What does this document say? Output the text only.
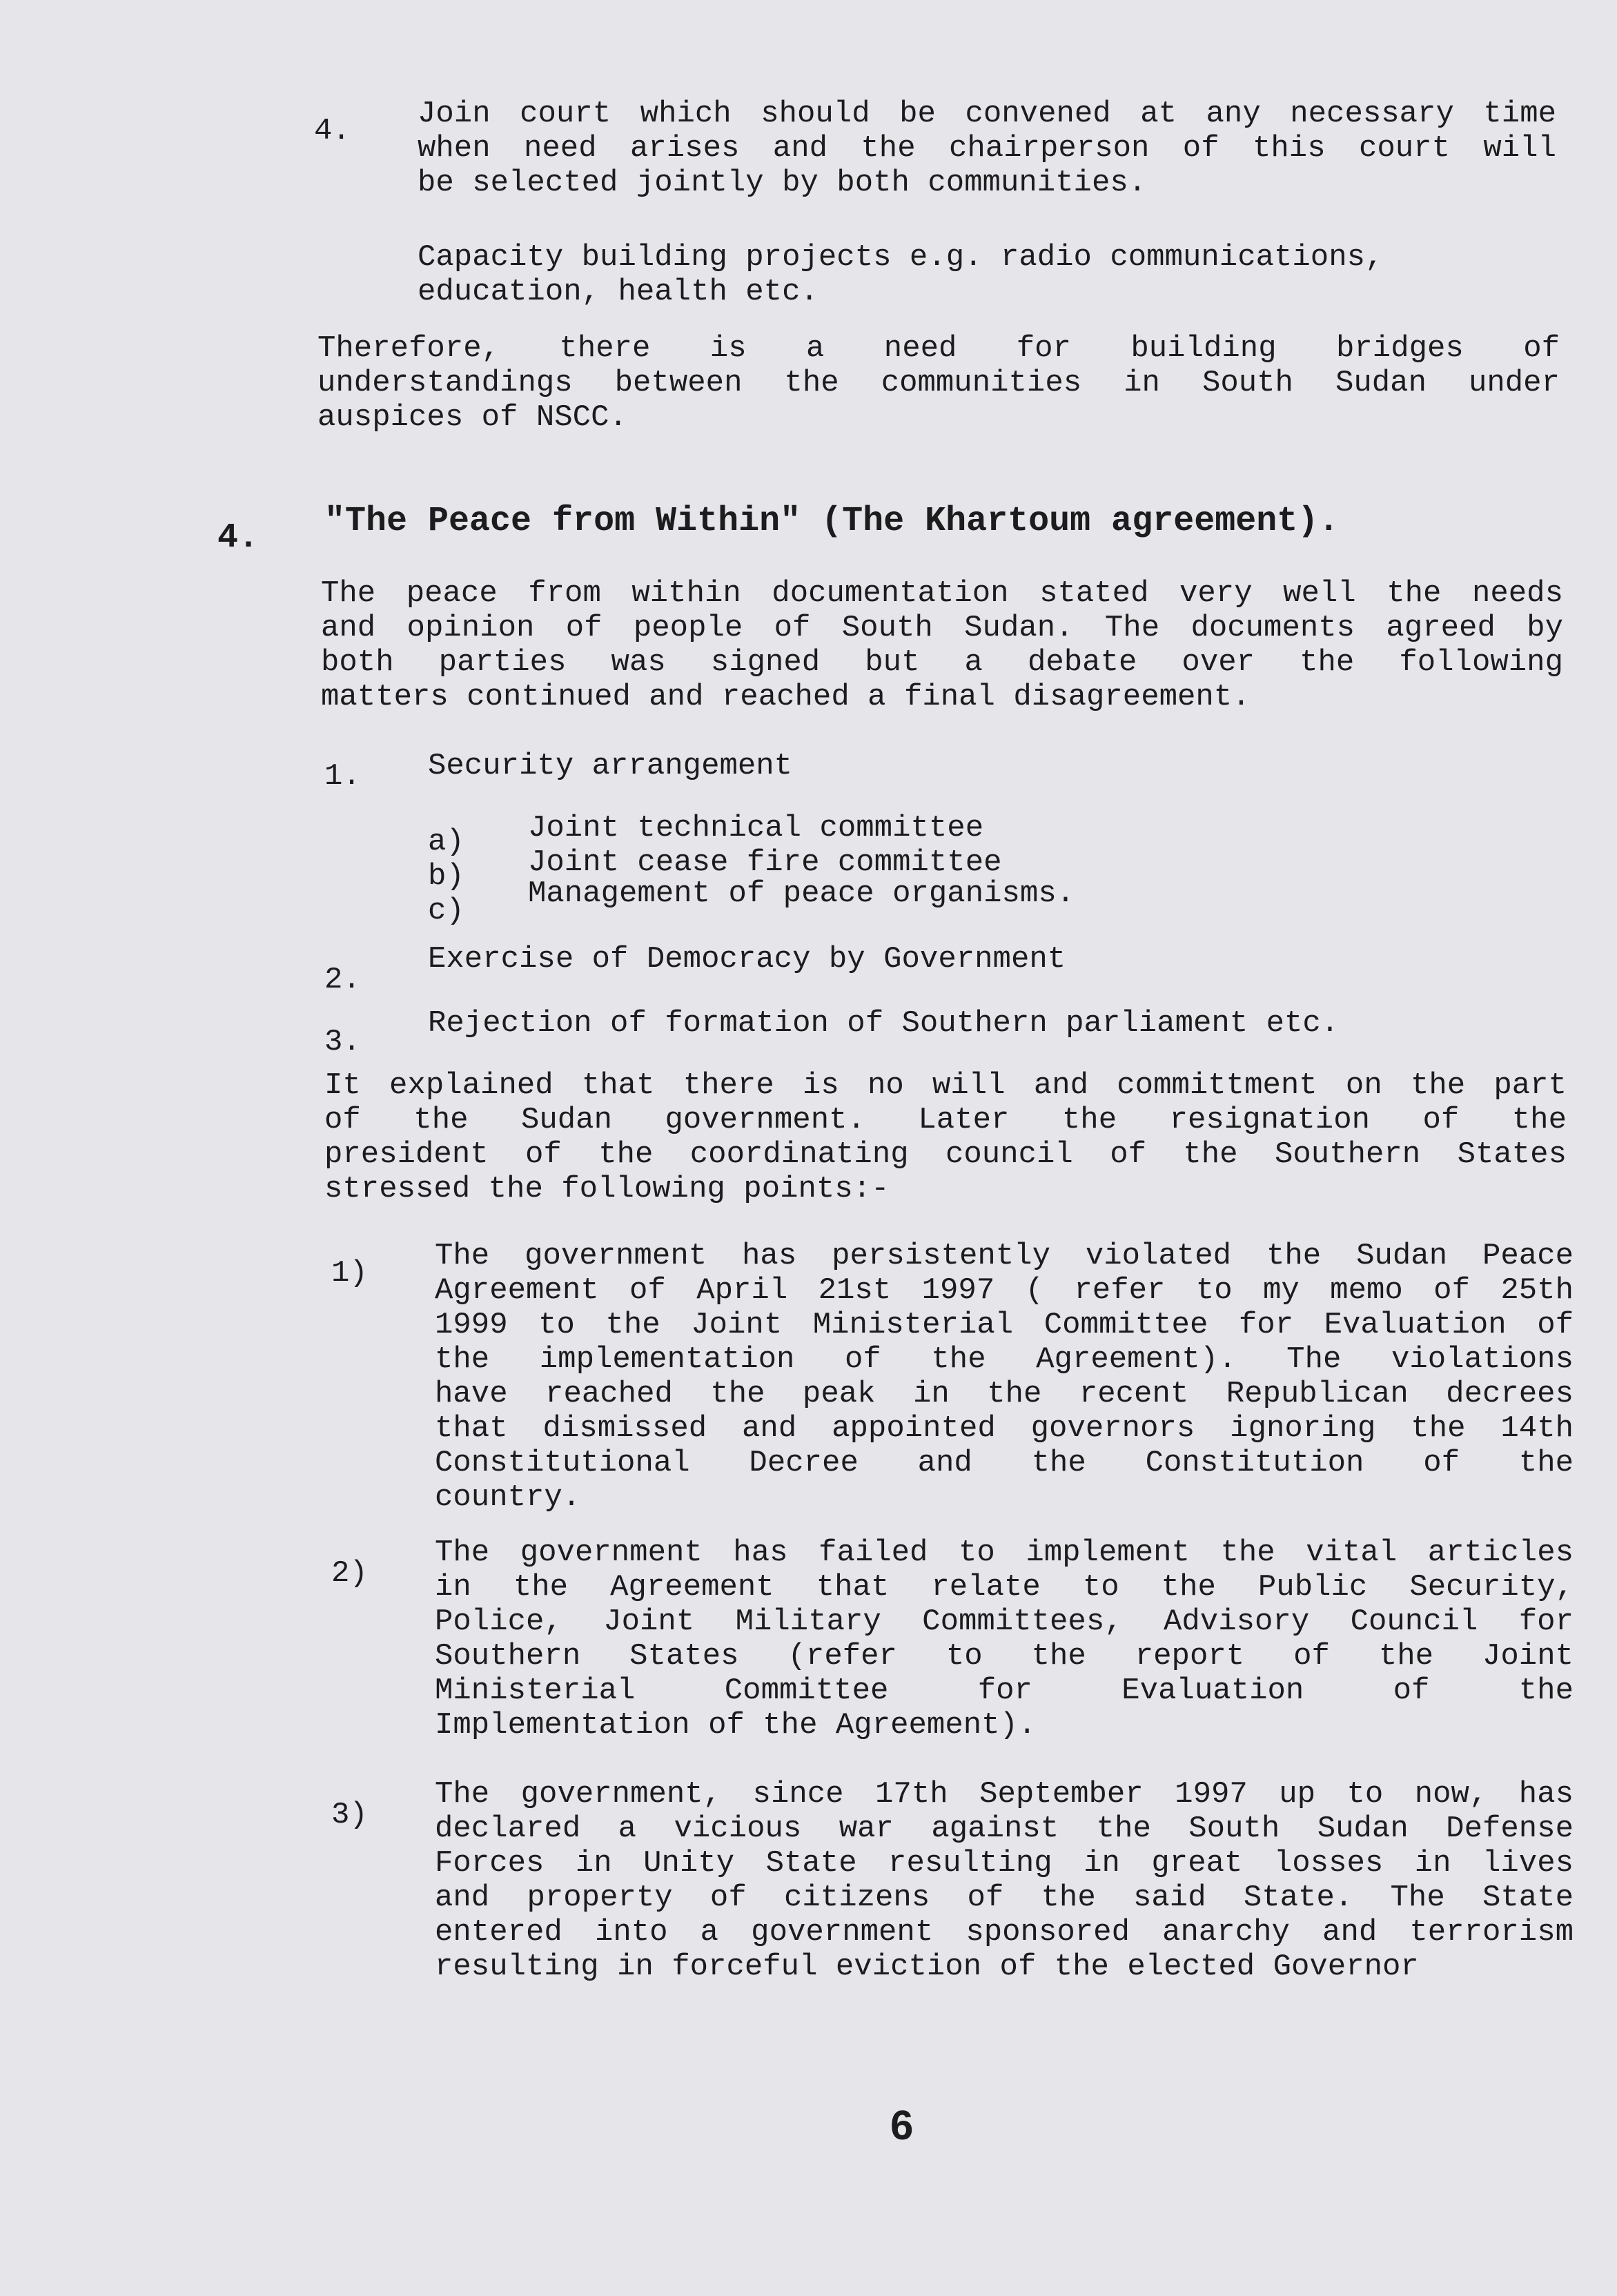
4. Join court which should be convened at any necessary time
when need arises and the chairperson of this court will
be selected jointly by both communities.
Capacity building projects e.g. radio communications,
education, health etc.
Therefore, there is a need for building bridges of
understandings between the communities in South Sudan under
auspices of NSCC.
4. "The Peace from Within" (The Khartoum agreement).
The peace from within documentation stated very well the needs
and opinion of people of South Sudan. The documents agreed by
both parties was signed but a debate over the following
matters continued and reached a final disagreement.
1. Security arrangement
a) Joint technical committee
b) Joint cease fire committee
c) Management of peace organisms.
2.
Exercise of Democracy by Government
3.
Rejection of formation of Southern parliament etc.
It explained that there is no will and committment on the part
of the Sudan government. Later the resignation of the
president of the coordinating council of the Southern States
stressed the following points:-
1) The government has persistently violated the Sudan Peace
Agreement of April 21st 1997 ( refer to my memo of 25th
1999 to the Joint Ministerial Committee for Evaluation of
the implementation of the Agreement). The violations
have reached the peak in the recent Republican decrees
that dismissed and appointed governors ignoring the 14th
Constitutional Decree and the Constitution of the
country.
2)
The government has failed to implement the vital articles
in the Agreement that relate to the Public Security,
Police, Joint Military Committees, Advisory Council for
Southern States (refer to the report of the Joint
Ministerial Committee for Evaluation of the
Implementation of the Agreement).
3)
The government, since 17th September 1997 up to now, has
declared a vicious war against the South Sudan Defense
Forces in Unity State resulting in great losses in lives
and property of citizens of the said State. The State
entered into a government sponsored anarchy and terrorism
resulting in forceful eviction of the elected Governor
6
